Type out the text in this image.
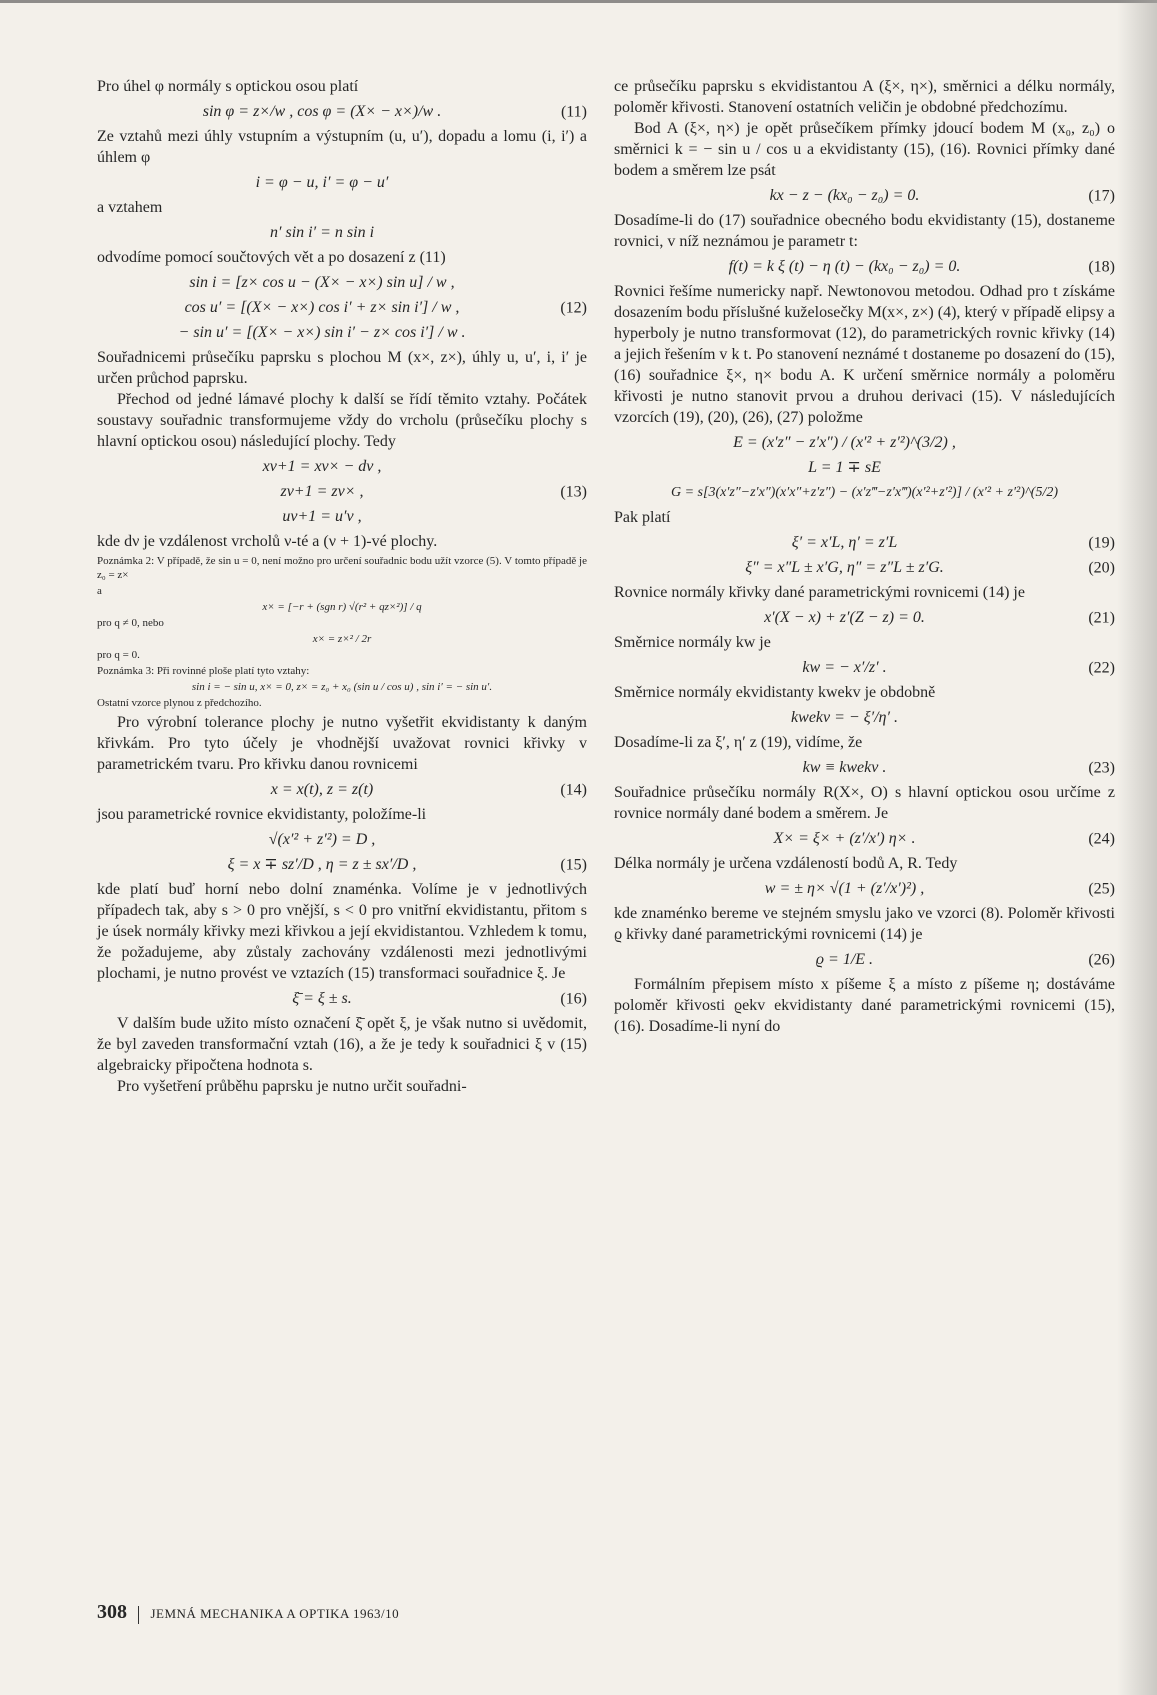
Pro úhel φ normály s optickou osou platí

sin φ = z×/w , cos φ = (X× − x×)/w .	(11)

Ze vztahů mezi úhly vstupním a výstupním (u, u′), dopadu a lomu (i, i′) a úhlem φ

i = φ − u, i′ = φ − u′

a vztahem

n′ sin i′ = n sin i

odvodíme pomocí součtových vět a po dosazení z (11)

sin i = [z× cos u − (X× − x×) sin u] / w ,
cos u′ = [(X× − x×) cos i′ + z× sin i′] / w ,	(12)
− sin u′ = [(X× − x×) sin i′ − z× cos i′] / w .

Souřadnicemi průsečíku paprsku s plochou M (x×, z×), úhly u, u′, i, i′ je určen průchod paprsku.

Přechod od jedné lámavé plochy k další se řídí těmito vztahy. Počátek soustavy souřadnic transformujeme vždy do vrcholu (průsečíku plochy s hlavní optickou osou) následující plochy. Tedy

xν+1 = xν× − dν ,
zν+1 = zν× ,	(13)
uν+1 = u′ν ,

kde dν je vzdálenost vrcholů ν-té a (ν + 1)-vé plochy.

Poznámka 2: V případě, že sin u = 0, není možno pro určení souřadnic bodu užít vzorce (5). V tomto případě je z₀ = z×

a

x× = [−r + (sgn r) √(r² + qz×²)] / q

pro q ≠ 0, nebo

x× = z×² / 2r

pro q = 0.

Poznámka 3: Při rovinné ploše platí tyto vztahy:

sin i = − sin u, x× = 0, z× = z₀ + x₀ (sin u / cos u) , sin i′ = − sin u′.

Ostatní vzorce plynou z předchozího.

Pro výrobní tolerance plochy je nutno vyšetřit ekvidistanty k daným křivkám. Pro tyto účely je vhodnější uvažovat rovnici křivky v parametrickém tvaru. Pro křivku danou rovnicemi

x = x(t), z = z(t)	(14)

jsou parametrické rovnice ekvidistanty, položíme-li

√(x′² + z′²) = D ,
ξ = x ∓ sz′/D , η = z ± sx′/D ,	(15)

kde platí buď horní nebo dolní znaménka. Volíme je v jednotlivých případech tak, aby s > 0 pro vnější, s < 0 pro vnitřní ekvidistantu, přitom s je úsek normály křivky mezi křivkou a její ekvidistantou. Vzhledem k tomu, že požadujeme, aby zůstaly zachovány vzdálenosti mezi jednotlivými plochami, je nutno provést ve vztazích (15) transformaci souřadnice ξ. Je

ξ̄ = ξ ± s.	(16)

V dalším bude užito místo označení ξ̄ opět ξ, je však nutno si uvědomit, že byl zaveden transformační vztah (16), a že je tedy k souřadnici ξ v (15) algebraicky připočtena hodnota s.

Pro vyšetření průběhu paprsku je nutno určit souřadni-

ce průsečíku paprsku s ekvidistantou A (ξ×, η×), směrnici a délku normály, poloměr křivosti. Stanovení ostatních veličin je obdobné předchozímu.

Bod A (ξ×, η×) je opět průsečíkem přímky jdoucí bodem M (x₀, z₀) o směrnici k = − sin u / cos u a ekvidistanty (15), (16). Rovnici přímky dané bodem a směrem lze psát

kx − z − (kx₀ − z₀) = 0.	(17)

Dosadíme-li do (17) souřadnice obecného bodu ekvidistanty (15), dostaneme rovnici, v níž neznámou je parametr t:

f(t) = k ξ (t) − η (t) − (kx₀ − z₀) = 0.	(18)

Rovnici řešíme numericky např. Newtonovou metodou. Odhad pro t získáme dosazením bodu příslušné kuželosečky M(x×, z×) (4), který v případě elipsy a hyperboly je nutno transformovat (12), do parametrických rovnic křivky (14) a jejich řešením v k t. Po stanovení neznámé t dostaneme po dosazení do (15), (16) souřadnice ξ×, η× bodu A. K určení směrnice normály a poloměru křivosti je nutno stanovit prvou a druhou derivaci (15). V následujících vzorcích (19), (20), (26), (27) položme

E = (x′z″ − z′x″) / (x′² + z′²)^(3/2) ,
L = 1 ∓ sE
G = s[3(x′z″−z′x″)(x′x″+z′z″) − (x′z‴−z′x‴)(x′²+z′²)] / (x′² + z′²)^(5/2)

Pak platí

ξ′ = x′L, η′ = z′L	(19)
ξ″ = x″L ± x′G, η″ = z″L ± z′G.	(20)

Rovnice normály křivky dané parametrickými rovnicemi (14) je

x′(X − x) + z′(Z − z) = 0.	(21)

Směrnice normály kw je

kw = − x′/z′ .	(22)

Směrnice normály ekvidistanty kwekv je obdobně

kwekv = − ξ′/η′ .

Dosadíme-li za ξ′, η′ z (19), vidíme, že

kw ≡ kwekv .	(23)

Souřadnice průsečíku normály R(X×, O) s hlavní optickou osou určíme z rovnice normály dané bodem a směrem. Je

X× = ξ× + (z′/x′) η× .	(24)

Délka normály je určena vzdáleností bodů A, R. Tedy

w = ± η× √(1 + (z′/x′)²) ,	(25)

kde znaménko bereme ve stejném smyslu jako ve vzorci (8). Poloměr křivosti ϱ křivky dané parametrickými rovnicemi (14) je

ϱ = 1/E .	(26)

Formálním přepisem místo x píšeme ξ a místo z píšeme η; dostáváme poloměr křivosti ϱekv ekvidistanty dané parametrickými rovnicemi (15), (16). Dosadíme-li nyní do

308 JEMNÁ MECHANIKA A OPTIKA 1963/10
